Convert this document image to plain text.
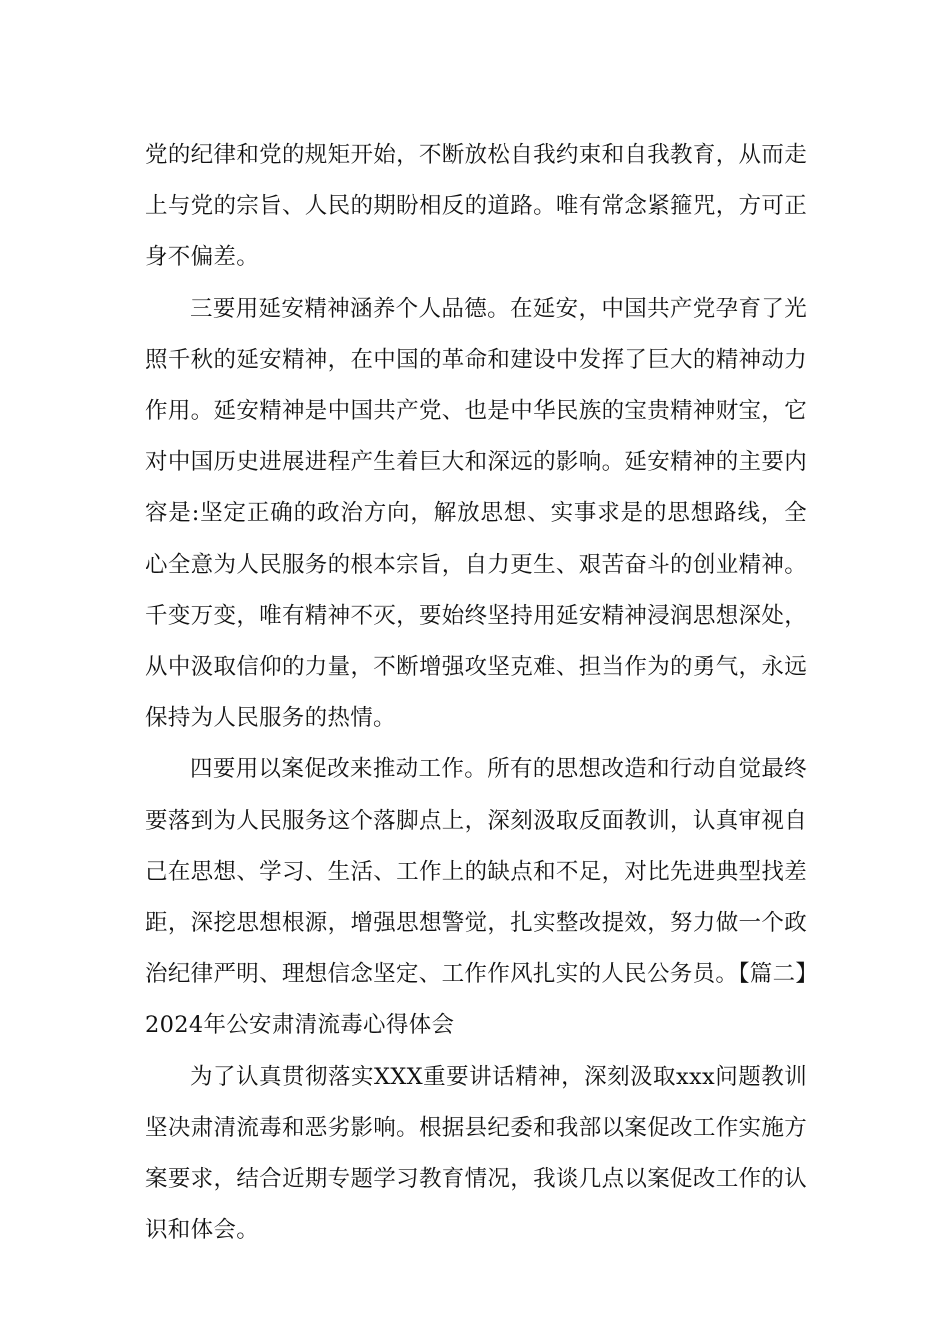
党的纪律和党的规矩开始，不断放松自我约束和自我教育，从而走上与党的宗旨、人民的期盼相反的道路。唯有常念紧箍咒，方可正身不偏差。

三要用延安精神涵养个人品德。在延安，中国共产党孕育了光照千秋的延安精神，在中国的革命和建设中发挥了巨大的精神动力作用。延安精神是中国共产党、也是中华民族的宝贵精神财宝，它对中国历史进展进程产生着巨大和深远的影响。延安精神的主要内容是:坚定正确的政治方向，解放思想、实事求是的思想路线，全心全意为人民服务的根本宗旨，自力更生、艰苦奋斗的创业精神。千变万变，唯有精神不灭，要始终坚持用延安精神浸润思想深处，从中汲取信仰的力量，不断增强攻坚克难、担当作为的勇气，永远保持为人民服务的热情。

四要用以案促改来推动工作。所有的思想改造和行动自觉最终要落到为人民服务这个落脚点上，深刻汲取反面教训，认真审视自己在思想、学习、生活、工作上的缺点和不足，对比先进典型找差距，深挖思想根源，增强思想警觉，扎实整改提效，努力做一个政治纪律严明、理想信念坚定、工作作风扎实的人民公务员。【篇二】2024年公安肃清流毒心得体会

为了认真贯彻落实XXX重要讲话精神，深刻汲取xxx问题教训坚决肃清流毒和恶劣影响。根据县纪委和我部以案促改工作实施方案要求，结合近期专题学习教育情况，我谈几点以案促改工作的认识和体会。
